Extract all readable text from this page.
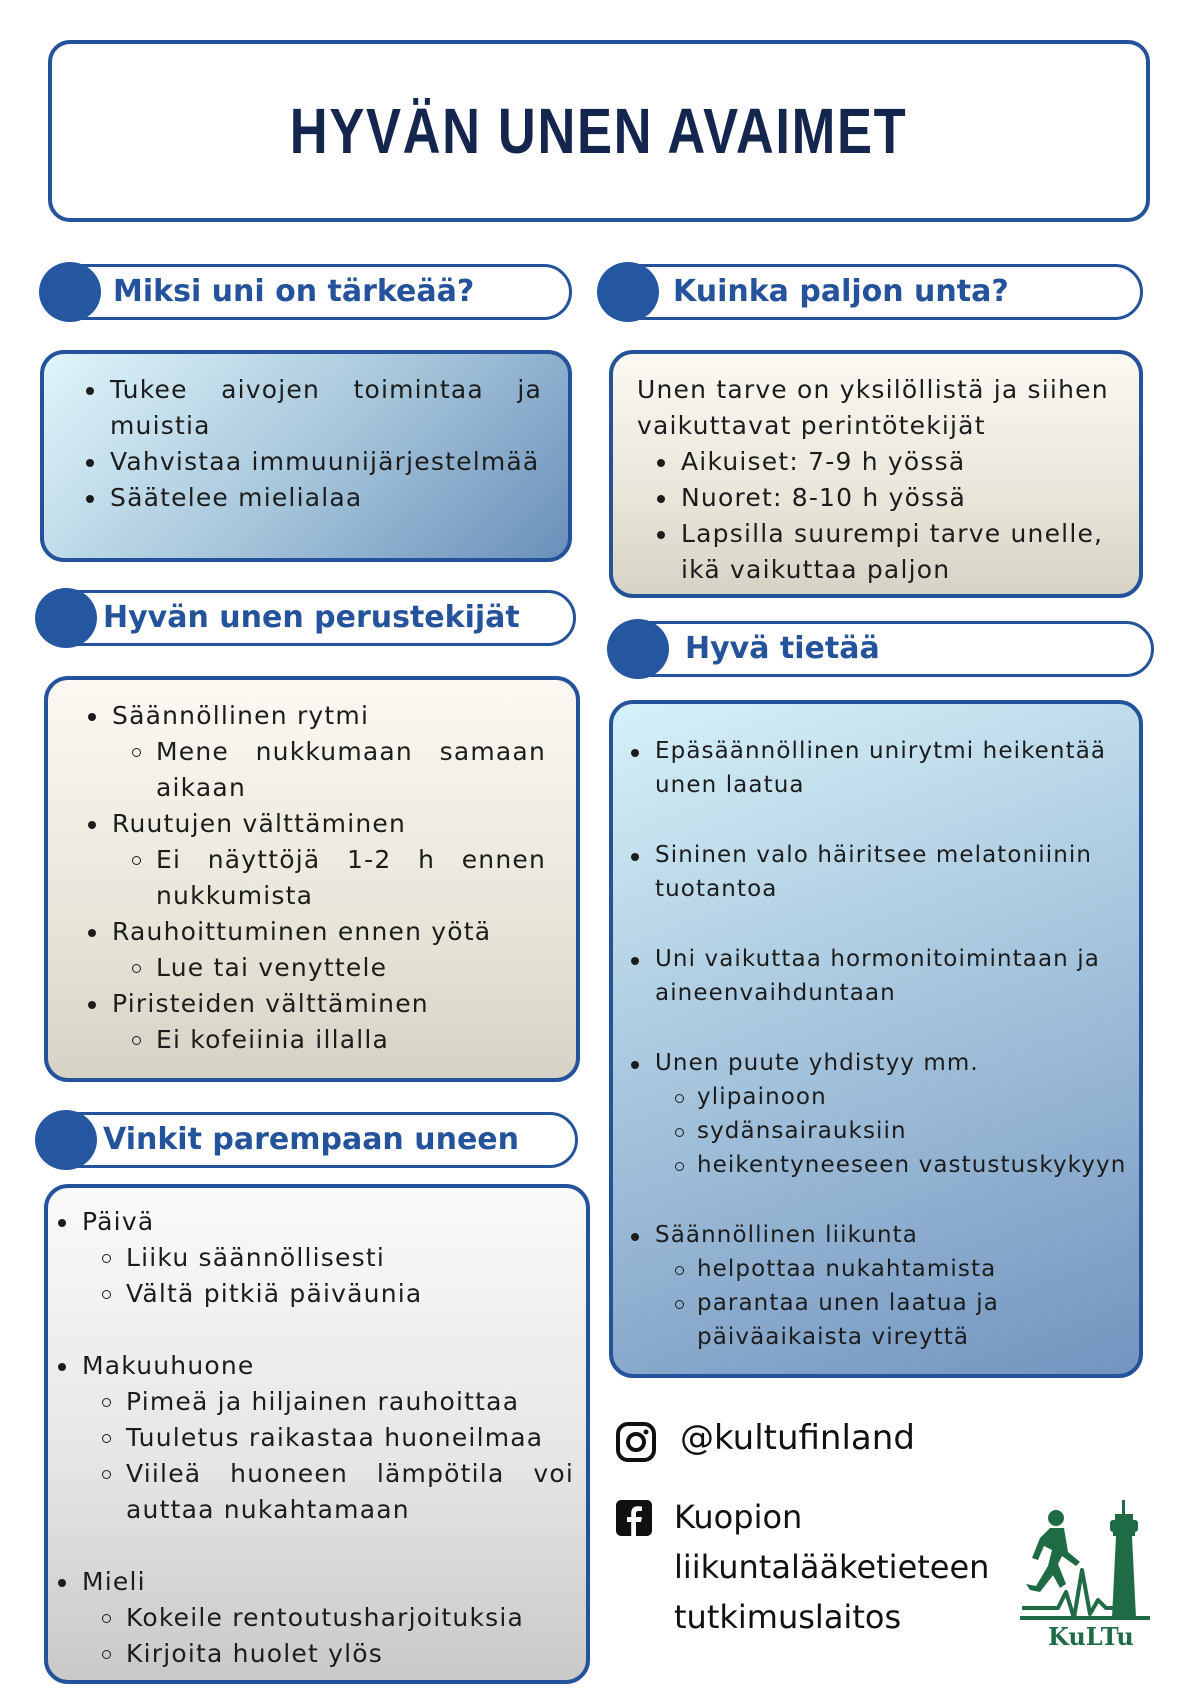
HYVÄN UNEN AVAIMET
Miksi uni on tärkeää?
Tukee aivojen toimintaa ja muistia
Vahvistaa immuunijärjestelmää
Säätelee mielialaa
Kuinka paljon unta?
Unen tarve on yksilöllistä ja siihen vaikuttavat perintötekijät
Aikuiset: 7-9 h yössä
Nuoret: 8-10 h yössä
Lapsilla suurempi tarve unelle, ikä vaikuttaa paljon
Hyvän unen perustekijät
Säännöllinen rytmi
Mene nukkumaan samaan aikaan
Ruutujen välttäminen
Ei näyttöjä 1-2 h ennen nukkumista
Rauhoittuminen ennen yötä
Lue tai venyttele
Piristeiden välttäminen
Ei kofeiinia illalla
Hyvä tietää
Epäsäännöllinen unirytmi heikentää unen laatua
Sininen valo häiritsee melatoniinin tuotantoa
Uni vaikuttaa hormonitoimintaan ja aineenvaihduntaan
Unen puute yhdistyy mm.
ylipainoon
sydänsairauksiin
heikentyneeseen vastustuskykyyn
Säännöllinen liikunta
helpottaa nukahtamista
parantaa unen laatua ja päiväaikaista vireyttä
Vinkit parempaan uneen
Päivä
Liiku säännöllisesti
Vältä pitkiä päiväunia
Makuuhuone
Pimeä ja hiljainen rauhoittaa
Tuuletus raikastaa huoneilmaa
Viileä huoneen lämpötila voi auttaa nukahtamaan
Mieli
Kokeile rentoutusharjoituksia
Kirjoita huolet ylös
@kultufinland
Kuopion
liikuntalääketieteen
tutkimuslaitos
KuLTu
